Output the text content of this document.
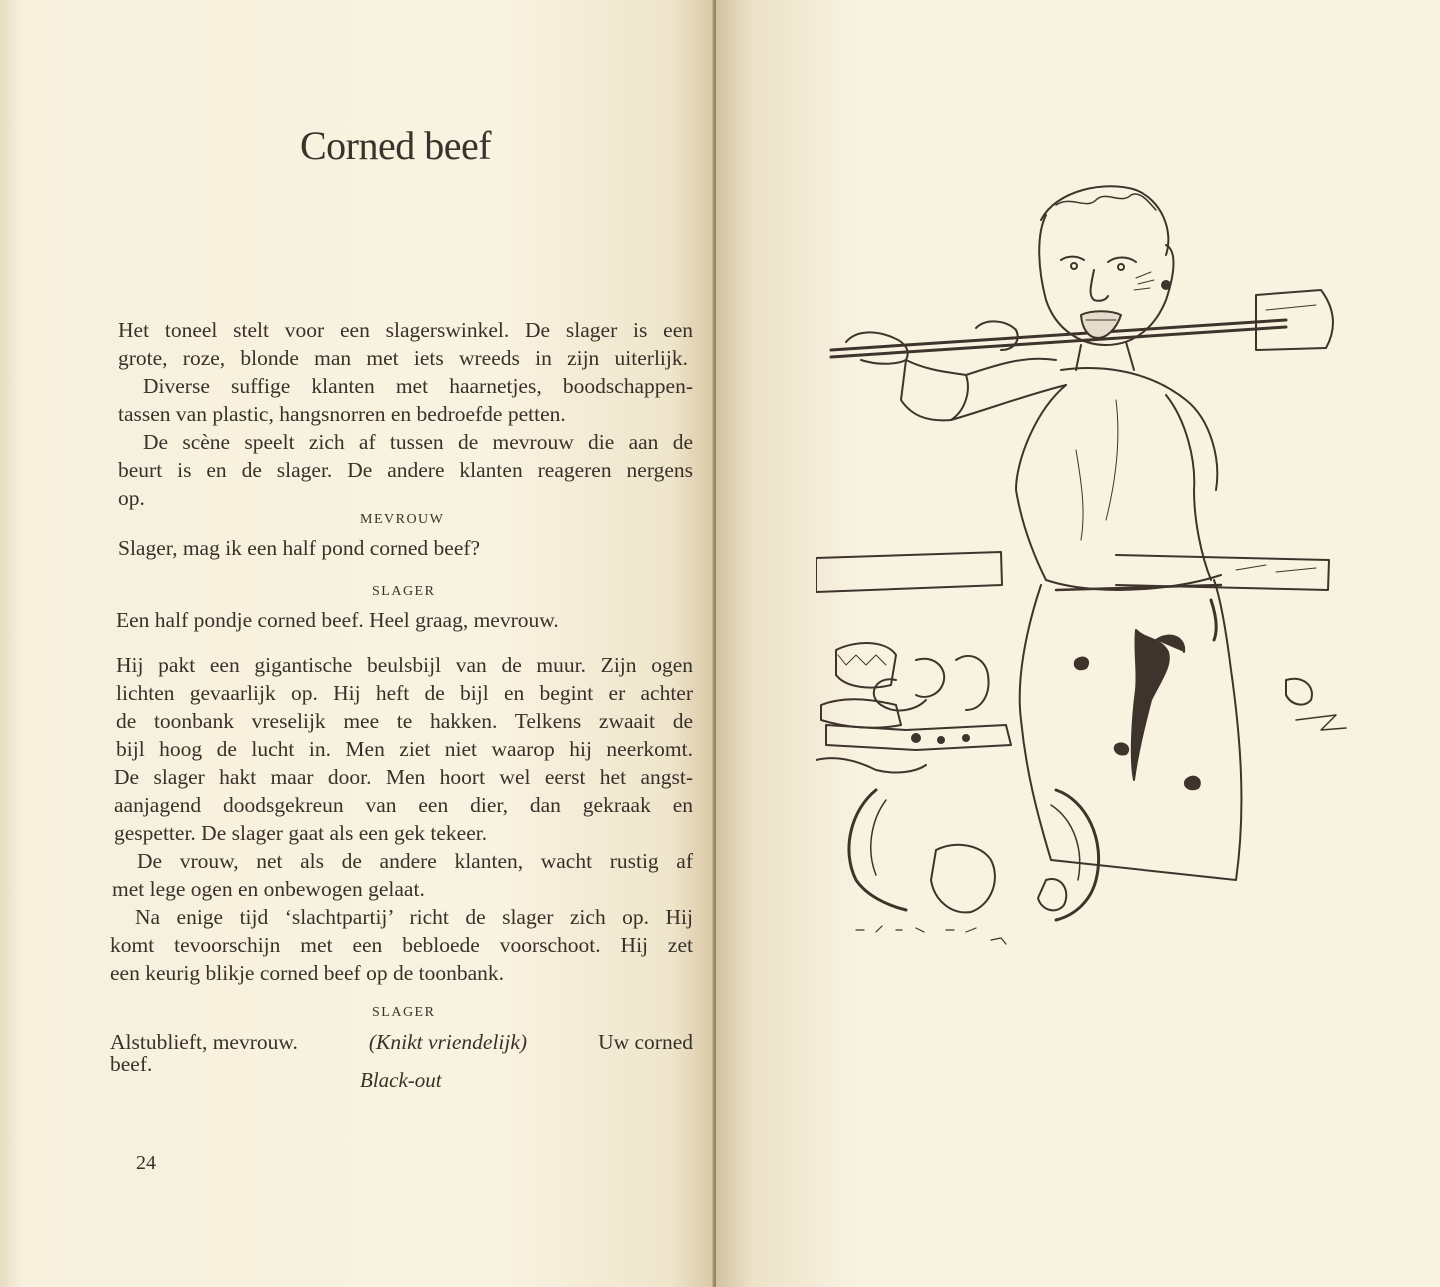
Corned beef
Het toneel stelt voor een slagerswinkel. De slager is een
grote, roze, blonde man met iets wreeds in zijn uiterlijk.
Diverse suffige klanten met haarnetjes, boodschappen-
tassen van plastic, hangsnorren en bedroefde petten.
De scène speelt zich af tussen de mevrouw die aan de
beurt is en de slager. De andere klanten reageren nergens
op.
MEVROUW
Slager, mag ik een half pond corned beef?
SLAGER
Een half pondje corned beef. Heel graag, mevrouw.
Hij pakt een gigantische beulsbijl van de muur. Zijn ogen
lichten gevaarlijk op. Hij heft de bijl en begint er achter
de toonbank vreselijk mee te hakken. Telkens zwaait de
bijl hoog de lucht in. Men ziet niet waarop hij neerkomt.
De slager hakt maar door. Men hoort wel eerst het angst-
aanjagend doodsgekreun van een dier, dan gekraak en
gespetter. De slager gaat als een gek tekeer.
De vrouw, net als de andere klanten, wacht rustig af
met lege ogen en onbewogen gelaat.
Na enige tijd ‘slachtpartij’ richt de slager zich op. Hij
komt tevoorschijn met een bebloede voorschoot. Hij zet
een keurig blikje corned beef op de toonbank.
SLAGER
Alstublieft, mevrouw.	(Knikt vriendelijk)	Uw corned
beef.
Black-out
24
